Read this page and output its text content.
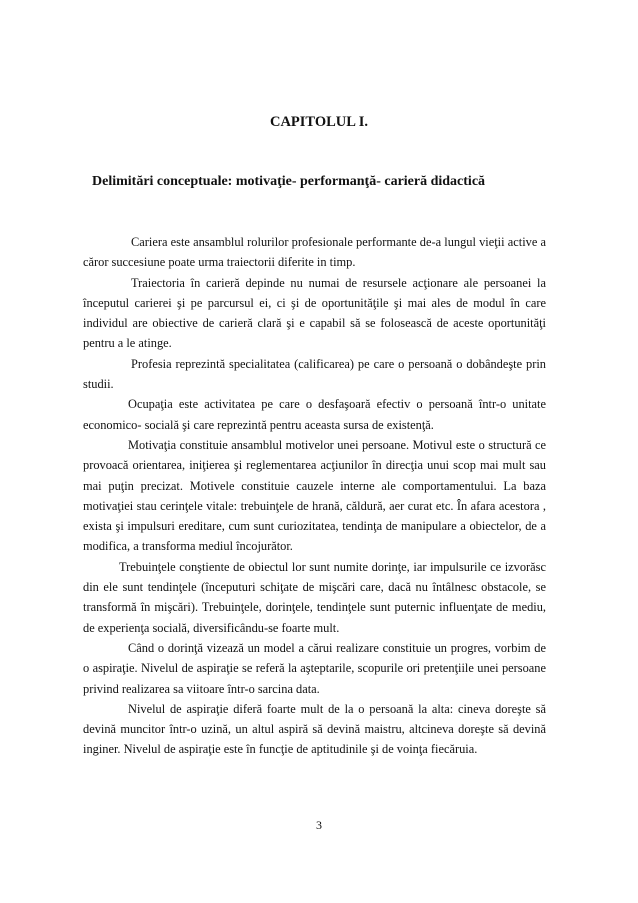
CAPITOLUL I.
Delimitări conceptuale: motivaţie- performanţă- carieră didactică

Cariera este ansamblul rolurilor profesionale performante de-a lungul vieţii active a căror succesiune poate urma traiectorii diferite in timp.

Traiectoria în carieră depinde nu numai de resursele acţionare ale persoanei la începutul carierei şi pe parcursul ei, ci şi de oportunităţile şi mai ales de modul în care individul are obiective de carieră clară şi e capabil să se folosească de aceste oportunităţi pentru a le atinge.

Profesia reprezintă specialitatea (calificarea) pe care o persoană o dobândeşte prin studii.

Ocupaţia este activitatea pe care o desfaşoară efectiv o persoană într-o unitate economico- socială şi care reprezintă pentru aceasta sursa de existenţă.

Motivaţia constituie ansamblul motivelor unei persoane. Motivul este o structură ce provoacă orientarea, iniţierea şi reglementarea acţiunilor în direcţia unui scop mai mult sau mai puţin precizat. Motivele constituie cauzele interne ale comportamentului. La baza motivaţiei stau cerinţele vitale: trebuinţele de hrană, căldură, aer curat etc. În afara acestora , exista şi impulsuri ereditare, cum sunt curiozitatea, tendinţa de manipulare a obiectelor, de a modifica, a transforma mediul încojurător.

Trebuinţele conştiente de obiectul lor sunt numite dorinţe, iar impulsurile ce izvorăsc din ele sunt tendinţele (începuturi schiţate de mişcări care, dacă nu întâlnesc obstacole, se transformă în mişcări). Trebuinţele, dorinţele, tendinţele sunt puternic influenţate de mediu, de experienţa socială, diversificându-se foarte mult.

Când o dorinţă vizează un model a cărui realizare constituie un progres, vorbim de o aspiraţie. Nivelul de aspiraţie se referă la aşteptarile, scopurile ori pretenţiile unei persoane privind realizarea sa viitoare într-o sarcina data.

Nivelul de aspiraţie diferă foarte mult de la o persoană la alta: cineva doreşte să devină muncitor într-o uzină, un altul aspiră să devină maistru, altcineva doreşte să devină inginer. Nivelul de aspiraţie este în funcţie de aptitudinile şi de voinţa fiecăruia.

3
